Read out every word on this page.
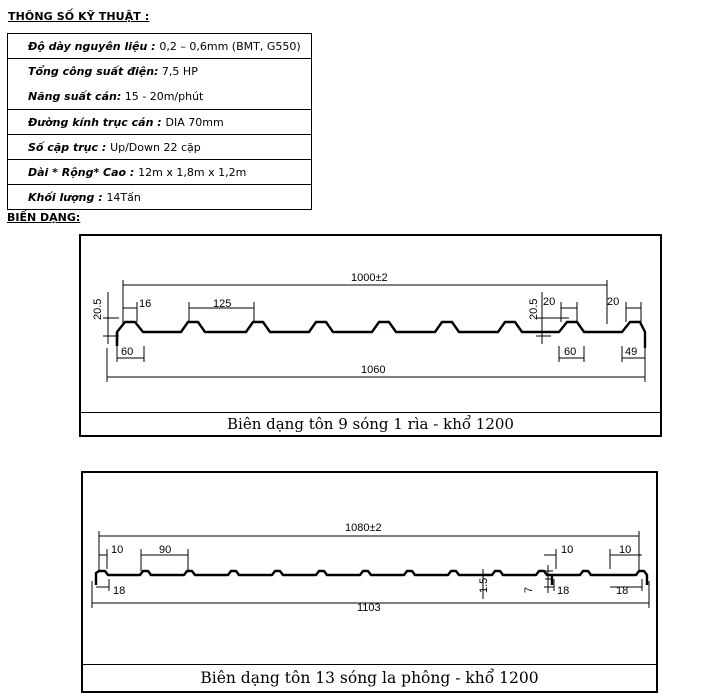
THÔNG SỐ KỸ THUẬT :
Độ dày nguyên liệu : 0,2 – 0,6mm (BMT, G550)

Tổng công suất điện: 7,5 HP
Năng suất cán: 15 - 20m/phút

Đường kính trục cán : DIA 70mm
Số cặp trục : Up/Down 22 cặp
Dài * Rộng* Cao : 12m x 1,8m x 1,2m
Khối lượng : 14Tấn
BIẾN DẠNG:
1000±2
20.5	16	125	20.5 20	20
60	60	49
1060
Biên dạng tôn 9 sóng 1 rìa - khổ 1200
1080±2
10	90	10	10
18	18	18
1.5	7
1103
Biên dạng tôn 13 sóng la phông - khổ 1200
